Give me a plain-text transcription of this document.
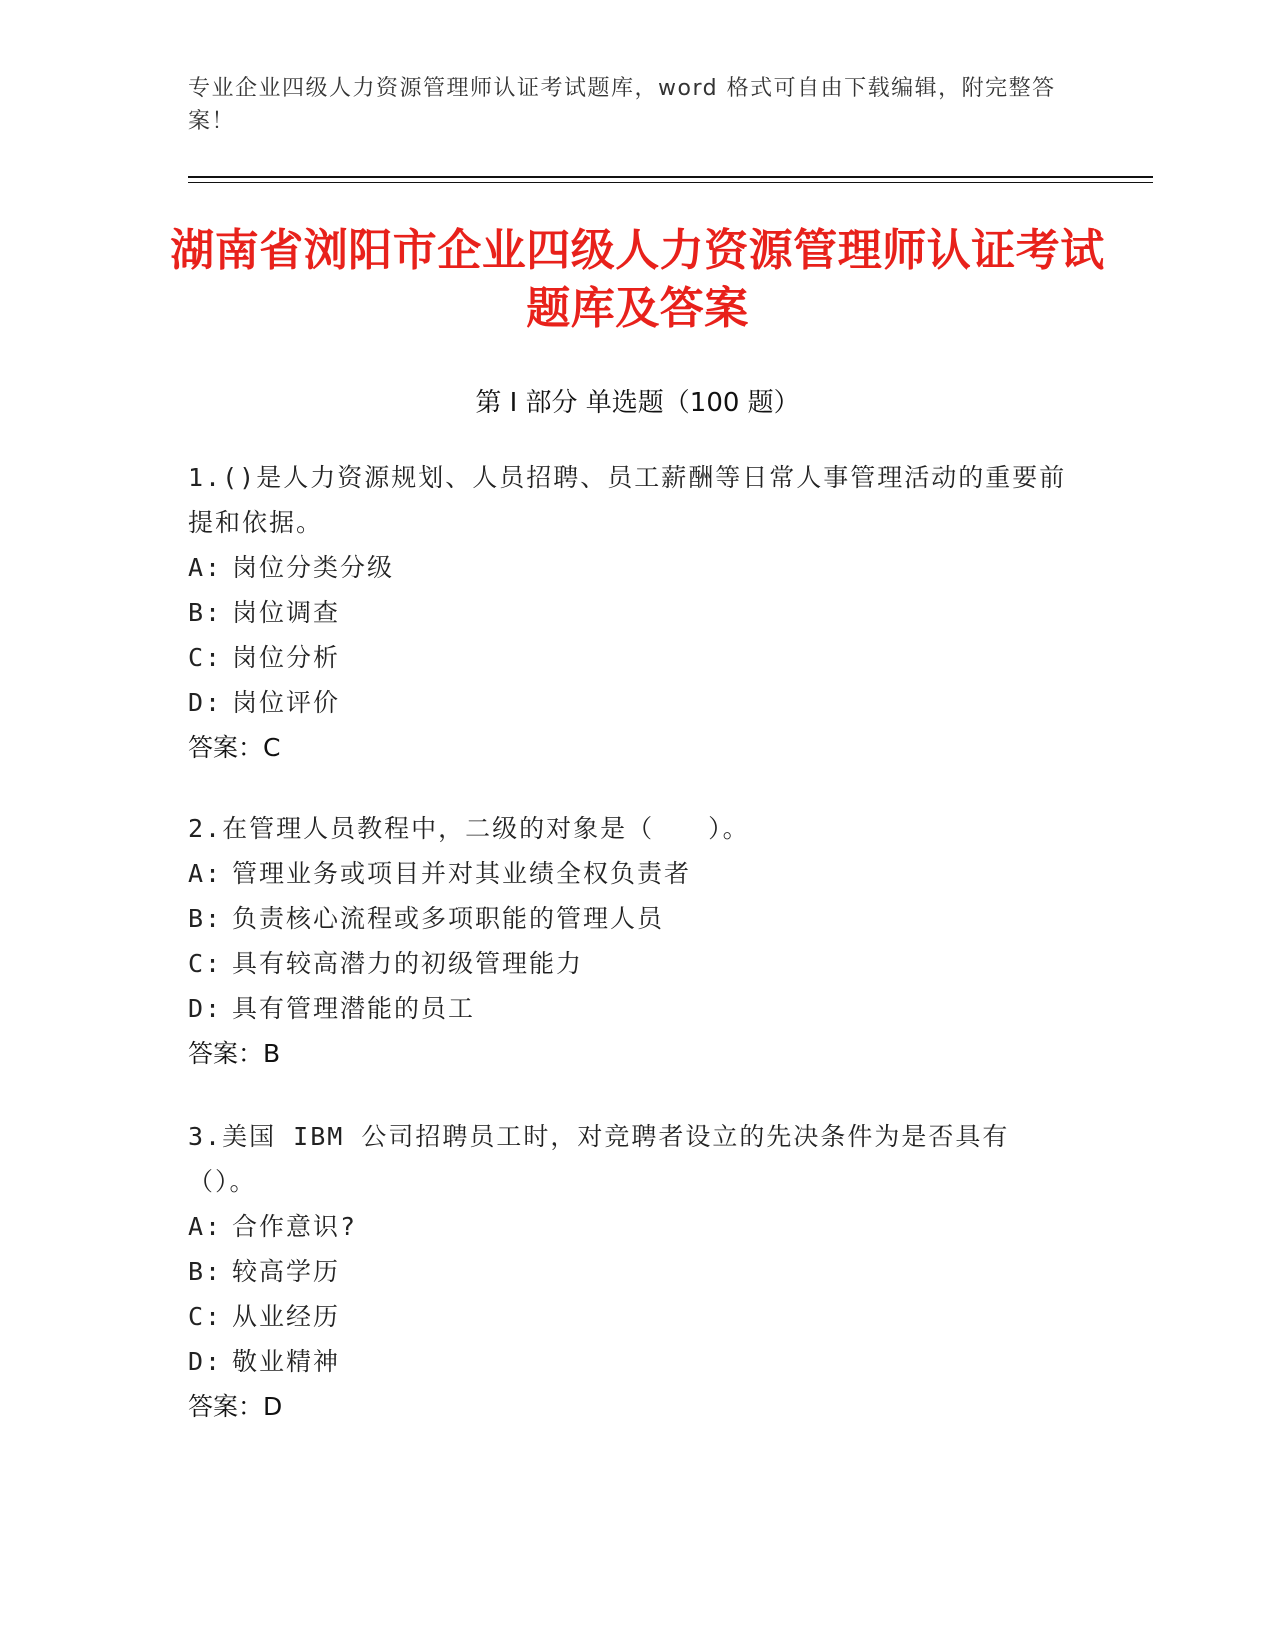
专业企业四级人力资源管理师认证考试题库，word 格式可自由下载编辑，附完整答案！
湖南省浏阳市企业四级人力资源管理师认证考试题库及答案
第 I 部分 单选题（100 题）

1.()是人力资源规划、人员招聘、员工薪酬等日常人事管理活动的重要前提和依据。

A: 岗位分类分级

B: 岗位调查

C: 岗位分析

D: 岗位评价

答案：C

2.在管理人员教程中，二级的对象是（　　）。

A: 管理业务或项目并对其业绩全权负责者

B: 负责核心流程或多项职能的管理人员

C: 具有较高潜力的初级管理能力

D: 具有管理潜能的员工

答案：B

3.美国 IBM 公司招聘员工时，对竞聘者设立的先决条件为是否具有（）。

A: 合作意识?

B: 较高学历

C: 从业经历

D: 敬业精神

答案：D
